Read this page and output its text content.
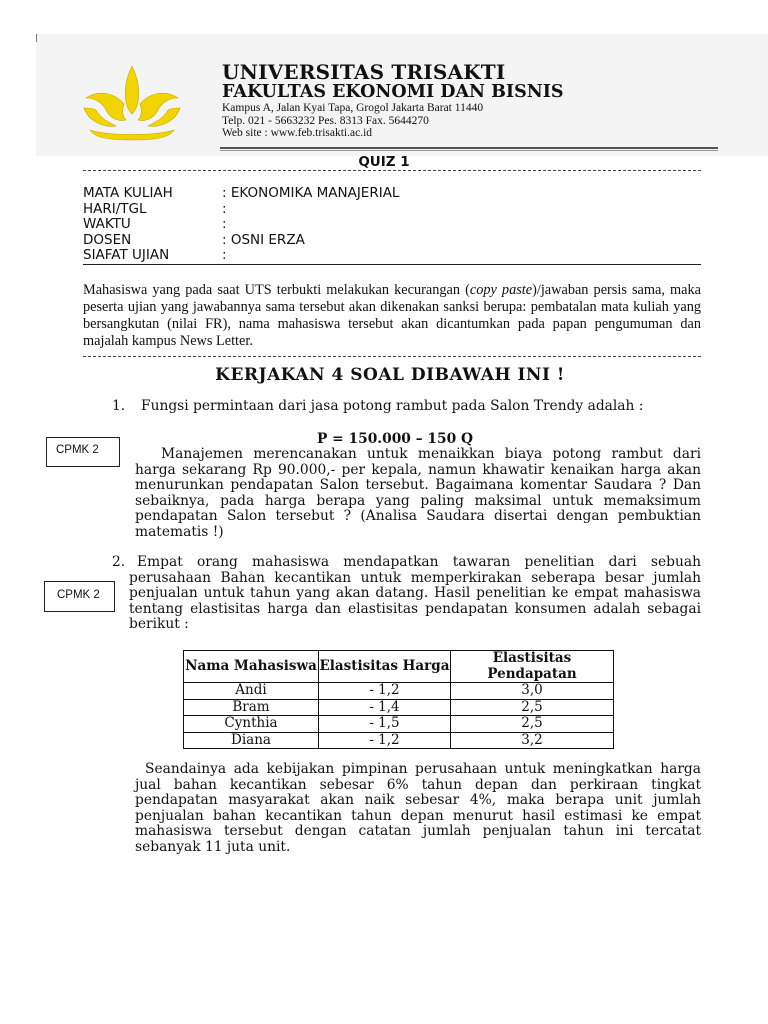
UNIVERSITAS TRISAKTI
FAKULTAS EKONOMI DAN BISNIS
Kampus A, Jalan Kyai Tapa, Grogol Jakarta Barat 11440
Telp. 021 - 5663232 Pes. 8313 Fax. 5644270
Web site : www.feb.trisakti.ac.id
QUIZ 1
MATA KULIAH	: EKONOMIKA MANAJERIAL
HARI/TGL	:
WAKTU	:
DOSEN	: OSNI ERZA
SIAFAT UJIAN	:
Mahasiswa yang pada saat UTS terbukti melakukan kecurangan (copy paste)/jawaban persis sama, maka peserta ujian yang jawabannya sama tersebut akan dikenakan sanksi berupa: pembatalan mata kuliah yang bersangkutan (nilai FR), nama mahasiswa tersebut akan dicantumkan pada papan pengumuman dan majalah kampus News Letter.
KERJAKAN 4 SOAL DIBAWAH INI !
CPMK 2
1.	Fungsi permintaan dari jasa potong rambut pada Salon Trendy adalah :
P = 150.000 – 150 Q
Manajemen merencanakan untuk menaikkan biaya potong rambut dari harga sekarang Rp 90.000,- per kepala, namun khawatir kenaikan harga akan menurunkan pendapatan Salon tersebut. Bagaimana komentar Saudara ? Dan sebaiknya, pada harga berapa yang paling maksimal untuk memaksimum pendapatan Salon tersebut ? (Analisa Saudara disertai dengan pembuktian matematis !)
CPMK 2
2. Empat orang mahasiswa mendapatkan tawaran penelitian dari sebuah perusahaan Bahan kecantikan untuk memperkirakan seberapa besar jumlah penjualan untuk tahun yang akan datang. Hasil penelitian ke empat mahasiswa tentang elastisitas harga dan elastisitas pendapatan konsumen adalah sebagai berikut :
Nama Mahasiswa	Elastisitas Harga	Elastisitas Pendapatan
Andi	- 1,2	3,0
Bram	- 1,4	2,5
Cynthia	- 1,5	2,5
Diana	- 1,2	3,2
Seandainya ada kebijakan pimpinan perusahaan untuk meningkatkan harga jual bahan kecantikan sebesar 6% tahun depan dan perkiraan tingkat pendapatan masyarakat akan naik sebesar 4%, maka berapa unit jumlah penjualan bahan kecantikan tahun depan menurut hasil estimasi ke empat mahasiswa tersebut dengan catatan jumlah penjualan tahun ini tercatat sebanyak 11 juta unit.
